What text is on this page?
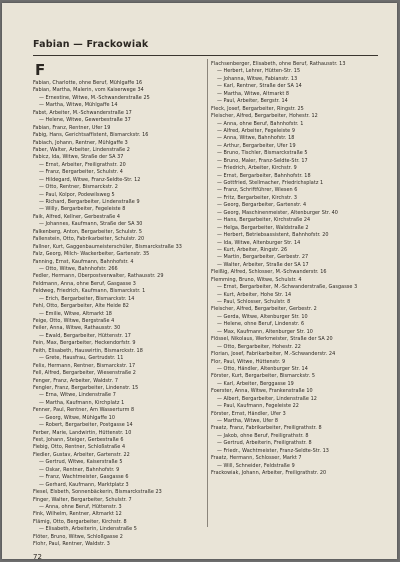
Fabian — Frackowiak
F
Fabian, Charlotte, ohne Beruf, Mühlgaffe 16
Fabian, Martha, Malerin, vom Kaiserwege 34
— Ernestine, Witwe, M.-Schwanderstraße 25
— Martha, Witwe, Mühlgaffe 14
Fabst, Arbeiter, M.-Schwanderstraße 17
— Helene, Witwe, Gewerbestraße 37
Fabian, Franz, Rentner, Ufer 19
Fabig, Hans, Gerichtsaffistent, Bismarckstr. 16
Fabiach, Johann, Rentner, Mühlgaffe 3
Faber, Walter, Arbeiter, Lindenstraße 2
Fabicz, Ida, Witwe, Straße der SA 37
— Ernst, Arbeiter, Freiligrathstr. 20
— Franz, Bergarbeiter, Schulstr. 4
— Hildegard, Witwe, Franz-Seldte-Str. 12
— Otto, Rentner, Bismarckstr. 2
— Paul, Kolpor, Podewilsweg 5
— Richard, Bergarbeiter, Lindenstraße 9
— Willy, Bergarbeiter, Fegeleiste 8
Faik, Alfred, Kellner, Gerbestraße 4
— Johannes, Kaufmann, Straße der SA 30
Falkenberg, Anton, Bergarbeiter, Schulstr. 5
Fallenstein, Otto, Fabrikarbeiter, Schulstr. 20
Fallner, Kurt, Gaggenbaumeisterschüler, Bismarckstraße 33
Falz, Georg, Milch- Wackerbeiter, Gartenstr. 35
Fanning, Ernst, Kaufmann, Bahnhofstr. 4
— Otto, Witwe, Bahnhofstr. 266
Fedler, Hermann, Oberpostverwalter, Rathausstr. 29
Feldmann, Anna, ohne Beruf, Gasgasse 3
Feldweg, Friedrich, Kaufmann, Bismarckstr. 1
— Erich, Bergarbeiter, Bismarckstr. 14
Fehl, Otto, Bergarbeiter, Alte Heide 82
— Emilie, Witwe, Altmarkt 18
Feige, Otto, Witwe, Bergstraße 4
Feiler, Anna, Witwe, Rathausstr. 30
— Ewald, Bergarbeiter, Hüttenstr. 17
Fein, Max, Bergarbeiter, Heckendorfstr. 9
Feith, Elisabeth, Hauswirtin, Bismarckstr. 18
— Grete, Hausfrau, Gertrudstr. 11
Felix, Hermann, Rentner, Bismarckstr. 17
Fell, Alfred, Bergarbeiter, Wiesenstraße 2
Fenger, Franz, Arbeiter, Waldstr. 7
Fengler, Franz, Bergarbeiter, Lindenstr. 15
— Erna, Witwe, Lindenstraße 7
— Martha, Kaufmann, Kirchplatz 1
Fenner, Paul, Rentner, Am Wasserturm 8
— Georg, Witwe, Mühlgaffe 10
— Robert, Bergarbeiter, Postgasse 14
Ferber, Marie, Landwirtin, Hüttenstr. 10
Fest, Johann, Steiger, Gerbestraße 6
Fiebig, Otto, Rentner, Schloßstraße 4
Fiedler, Gustav, Arbeiter, Gartenstr. 22
— Gertrud, Witwe, Kaiserstraße 5
— Oskar, Rentner, Bahnhofstr. 9
— Franz, Wachtmeister, Gasgasse 6
— Gerhard, Kaufmann, Marktplatz 3
Fiesel, Elsbeth, Sonnenbäckerin, Bismarckstraße 23
Finger, Walter, Bergarbeiter, Schulstr. 7
— Anna, ohne Beruf, Hüttenstr. 3
Fink, Wilhelm, Rentner, Altmarkt 12
Flämig, Otto, Bergarbeiter, Kirchstr. 8
— Elisabeth, Arbeiterin, Lindenstraße 5
Flöter, Bruno, Witwe, Schloßgasse 2
Flohr, Paul, Rentner, Waldstr. 3
Flachsenberger, Elisabeth, ohne Beruf, Rathausstr. 13
— Herbert, Lehrer, Hütten-Str. 15
— Johanna, Witwe, Fabianstr. 13
— Karl, Rentner, Straße der SA 14
— Martha, Witwe, Altmarkt 8
— Paul, Arbeiter, Bergstr. 14
Fleck, Josef, Bergarbeiter, Ringstr. 25
Fleischer, Alfred, Bergarbeiter, Hohestr. 12
— Anna, ohne Beruf, Bahnhofstr. 1
— Alfred, Arbeiter, Fegeleiste 9
— Anna, Witwe, Bahnhofstr. 18
— Arthur, Bergarbeiter, Ufer 19
— Bruno, Tischler, Bismarckstraße 5
— Bruno, Maler, Franz-Seldte-Str. 17
— Friedrich, Arbeiter, Kirchstr. 9
— Ernst, Bergarbeiter, Bahnhofstr. 18
— Gottfried, Stellmacher, Friedrichsplatz 1
— Franz, Schriftführer, Wiesen 6
— Fritz, Bergarbeiter, Kirchstr. 3
— Georg, Bergarbeiter, Gartenstr. 4
— Georg, Maschinenmeister, Altenburger Str. 40
— Hans, Bergarbeiter, Kirchstraße 24
— Helga, Bergarbeiter, Waldstraße 2
— Herbert, Betriebsassistent, Bahnhofstr. 20
— Ida, Witwe, Altenburger Str. 14
— Kurt, Arbeiter, Ringstr. 26
— Martin, Bergarbeiter, Gerbestr. 27
— Walter, Arbeiter, Straße der SA 17
Fleißig, Alfred, Schlosser, M.-Schwanderstr. 16
Flemming, Bruno, Witwe, Schulstr. 4
— Ernst, Bergarbeiter, M.-Schwanderstraße, Gasgasse 3
— Kurt, Arbeiter, Hohe Str. 14
— Paul, Schlosser, Schulstr. 8
Fleischer, Alfred, Bergarbeiter, Gerbestr. 2
— Gerda, Witwe, Altenburger Str. 10
— Helene, ohne Beruf, Lindenstr. 6
— Max, Kaufmann, Altenburger Str. 10
Flössel, Nikolaus, Werkmeister, Straße der SA 20
— Otto, Bergarbeiter, Hohestr. 22
Florian, Josef, Fabrikarbeiter, M.-Schwanderstr. 24
Flor, Paul, Witwe, Hüttenstr. 9
— Otto, Händler, Altenburger Str. 14
Förster, Kurt, Bergarbeiter, Bismarckstr. 5
— Karl, Arbeiter, Berggasse 19
Foerster, Anna, Witwe, Frankenstraße 10
— Albert, Bergarbeiter, Lindenstraße 12
— Paul, Kaufmann, Fegeleiste 22
Förster, Ernst, Händler, Ufer 3
— Martha, Witwe, Ufer 8
Fraatz, Franz, Fabrikarbeiter, Freiligrathstr. 8
— Jakob, ohne Beruf, Freiligrathstr. 8
— Gertrud, Arbeiterin, Freiligrathstr. 8
— Friedr., Wachtmeister, Franz-Seldte-Str. 13
Fraatz, Hermann, Schlosser, Markt 7
— Will, Schneider, Feldstraße 9
Frackowiak, Johann, Arbeiter, Freiligrathstr. 20
72
